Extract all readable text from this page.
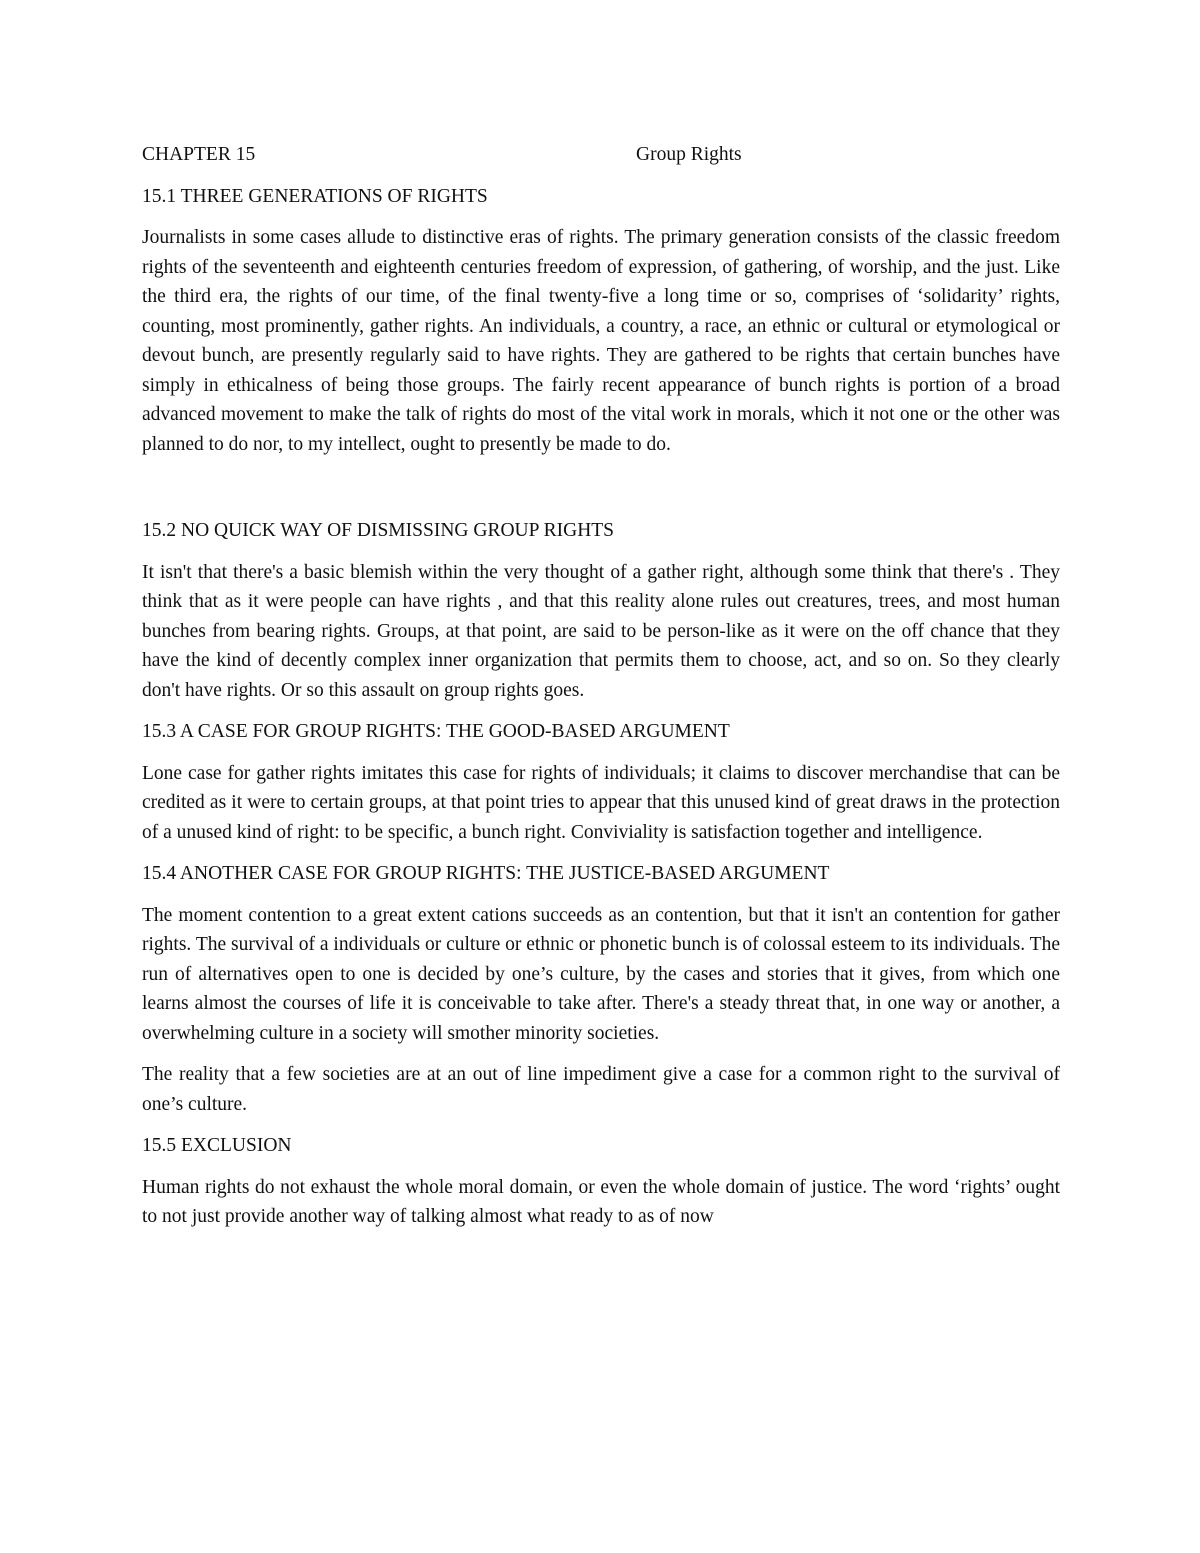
CHAPTER 15	Group Rights
15.1 THREE GENERATIONS OF RIGHTS

Journalists in some cases allude to distinctive eras of rights. The primary generation consists of the classic freedom rights of the seventeenth and eighteenth centuries freedom of expression, of gathering, of worship, and the just. Like the third era, the rights of our time, of the final twenty-five a long time or so, comprises of ‘solidarity’ rights, counting, most prominently, gather rights. An individuals, a country, a race, an ethnic or cultural or etymological or devout bunch, are presently regularly said to have rights. They are gathered to be rights that certain bunches have simply in ethicalness of being those groups. The fairly recent appearance of bunch rights is portion of a broad advanced movement to make the talk of rights do most of the vital work in morals, which it not one or the other was planned to do nor, to my intellect, ought to presently be made to do.

15.2 NO QUICK WAY OF DISMISSING GROUP RIGHTS

It isn't that there's a basic blemish within the very thought of a gather right, although some think that there's . They think that as it were people can have rights , and that this reality alone rules out creatures, trees, and most human bunches from bearing rights. Groups, at that point, are said to be person-like as it were on the off chance that they have the kind of decently complex inner organization that permits them to choose, act, and so on. So they clearly don't have rights. Or so this assault on group rights goes.

15.3 A CASE FOR GROUP RIGHTS: THE GOOD-BASED ARGUMENT

Lone case for gather rights imitates this case for rights of individuals; it claims to discover merchandise that can be credited as it were to certain groups, at that point tries to appear that this unused kind of great draws in the protection of a unused kind of right: to be specific, a bunch right. Conviviality is satisfaction together and intelligence.

15.4 ANOTHER CASE FOR GROUP RIGHTS: THE JUSTICE-BASED ARGUMENT

The moment contention to a great extent cations succeeds as an contention, but that it isn't an contention for gather rights. The survival of a individuals or culture or ethnic or phonetic bunch is of colossal esteem to its individuals. The run of alternatives open to one is decided by one’s culture, by the cases and stories that it gives, from which one learns almost the courses of life it is conceivable to take after. There's a steady threat that, in one way or another, a overwhelming culture in a society will smother minority societies.

The reality that a few societies are at an out of line impediment give a case for a common right to the survival of one’s culture.

15.5 EXCLUSION

Human rights do not exhaust the whole moral domain, or even the whole domain of justice. The word ‘rights’ ought to not just provide another way of talking almost what ready to as of now
